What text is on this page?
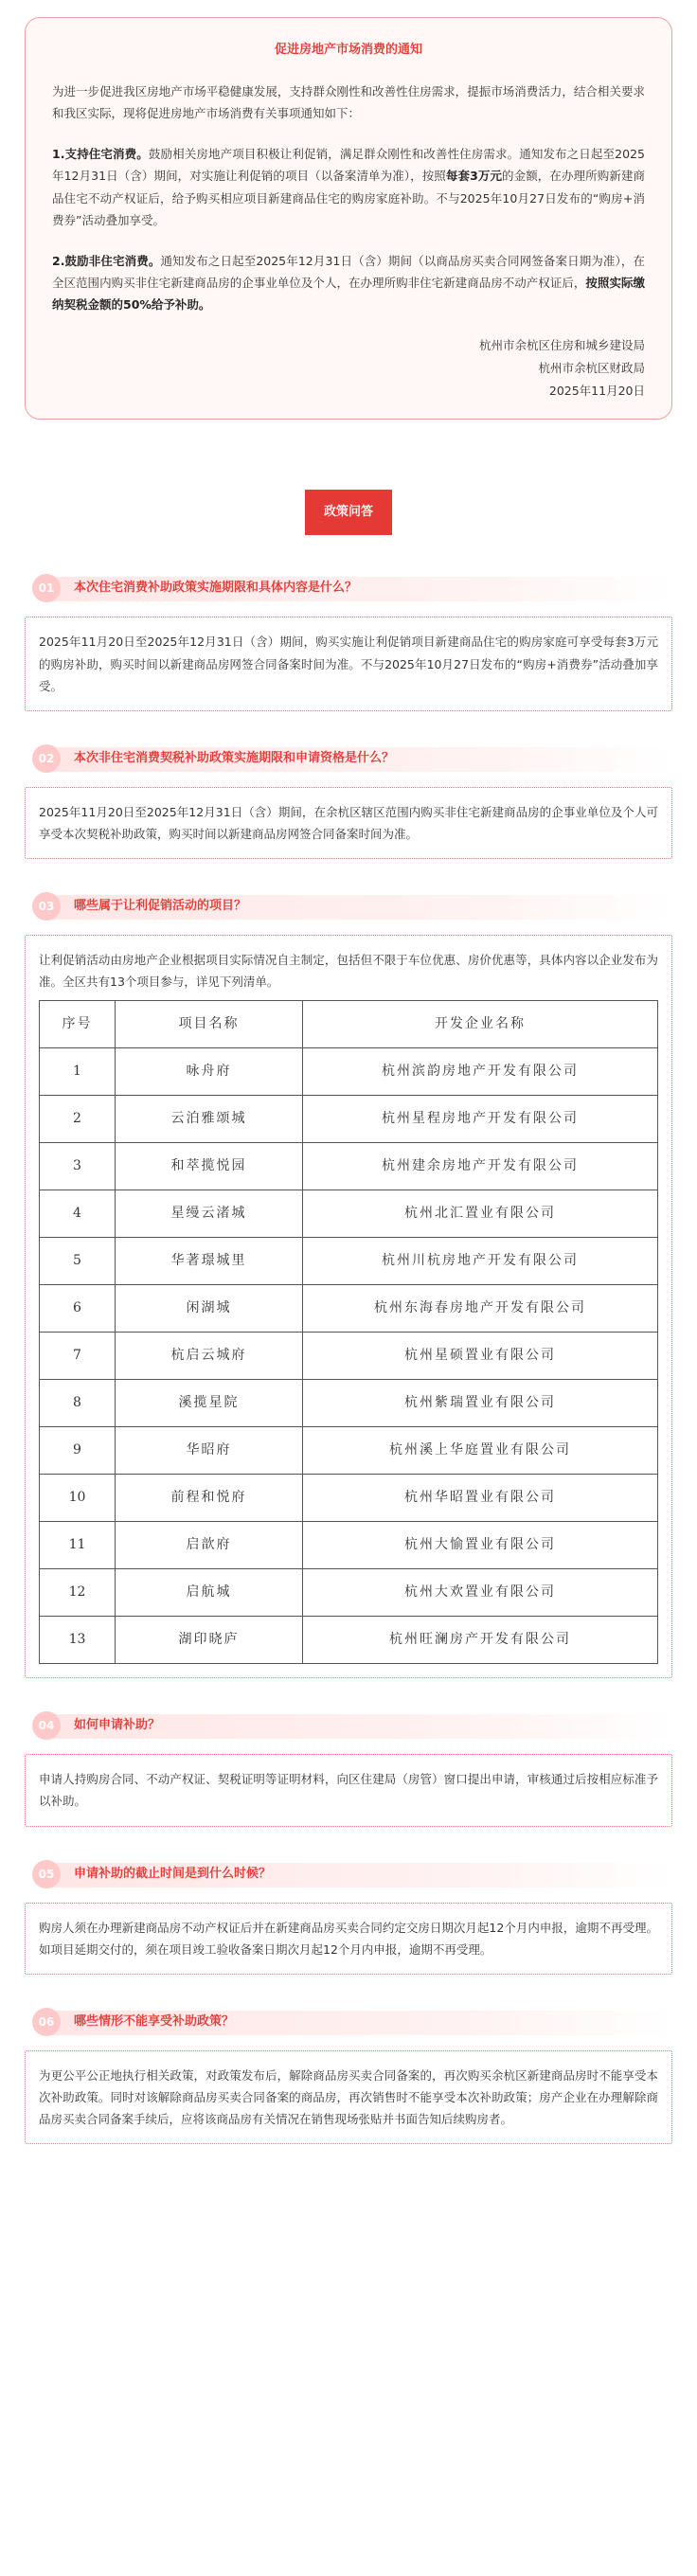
促进房地产市场消费的通知

为进一步促进我区房地产市场平稳健康发展，支持群众刚性和改善性住房需求，提振市场消费活力，结合相关要求和我区实际，现将促进房地产市场消费有关事项通知如下：

1.支持住宅消费。鼓励相关房地产项目积极让利促销，满足群众刚性和改善性住房需求。通知发布之日起至2025年12月31日（含）期间，对实施让利促销的项目（以备案清单为准），按照每套3万元的金额，在办理所购新建商品住宅不动产权证后，给予购买相应项目新建商品住宅的购房家庭补助。不与2025年10月27日发布的“购房+消费券”活动叠加享受。

2.鼓励非住宅消费。通知发布之日起至2025年12月31日（含）期间（以商品房买卖合同网签备案日期为准），在全区范围内购买非住宅新建商品房的企事业单位及个人，在办理所购非住宅新建商品房不动产权证后，按照实际缴纳契税金额的50%给予补助。

杭州市余杭区住房和城乡建设局
杭州市余杭区财政局
2025年11月20日
政策问答
01	本次住宅消费补助政策实施期限和具体内容是什么？

2025年11月20日至2025年12月31日（含）期间，购买实施让利促销项目新建商品住宅的购房家庭可享受每套3万元的购房补助，购买时间以新建商品房网签合同备案时间为准。不与2025年10月27日发布的“购房+消费券”活动叠加享受。

02	本次非住宅消费契税补助政策实施期限和申请资格是什么？

2025年11月20日至2025年12月31日（含）期间，在余杭区辖区范围内购买非住宅新建商品房的企事业单位及个人可享受本次契税补助政策，购买时间以新建商品房网签合同备案时间为准。

03	哪些属于让利促销活动的项目？

让利促销活动由房地产企业根据项目实际情况自主制定，包括但不限于车位优惠、房价优惠等，具体内容以企业发布为准。全区共有13个项目参与，详见下列清单。

序号	项目名称	开发企业名称
1	咏舟府	杭州滨韵房地产开发有限公司
2	云泊雅颂城	杭州星程房地产开发有限公司
3	和萃揽悦园	杭州建余房地产开发有限公司
4	星缦云渚城	杭州北汇置业有限公司
5	华著璟城里	杭州川杭房地产开发有限公司
6	闲湖城	杭州东海春房地产开发有限公司
7	杭启云城府	杭州星硕置业有限公司
8	溪揽星院	杭州紫瑞置业有限公司
9	华昭府	杭州溪上华庭置业有限公司
10	前程和悦府	杭州华昭置业有限公司
11	启歆府	杭州大愉置业有限公司
12	启航城	杭州大欢置业有限公司
13	湖印晓庐	杭州旺澜房产开发有限公司
04	如何申请补助？

申请人持购房合同、不动产权证、契税证明等证明材料，向区住建局（房管）窗口提出申请，审核通过后按相应标准予以补助。

05	申请补助的截止时间是到什么时候？

购房人须在办理新建商品房不动产权证后并在新建商品房买卖合同约定交房日期次月起12个月内申报，逾期不再受理。如项目延期交付的，须在项目竣工验收备案日期次月起12个月内申报，逾期不再受理。

06	哪些情形不能享受补助政策？

为更公平公正地执行相关政策，对政策发布后，解除商品房买卖合同备案的，再次购买余杭区新建商品房时不能享受本次补助政策。同时对该解除商品房买卖合同备案的商品房，再次销售时不能享受本次补助政策；房产企业在办理解除商品房买卖合同备案手续后，应将该商品房有关情况在销售现场张贴并书面告知后续购房者。
